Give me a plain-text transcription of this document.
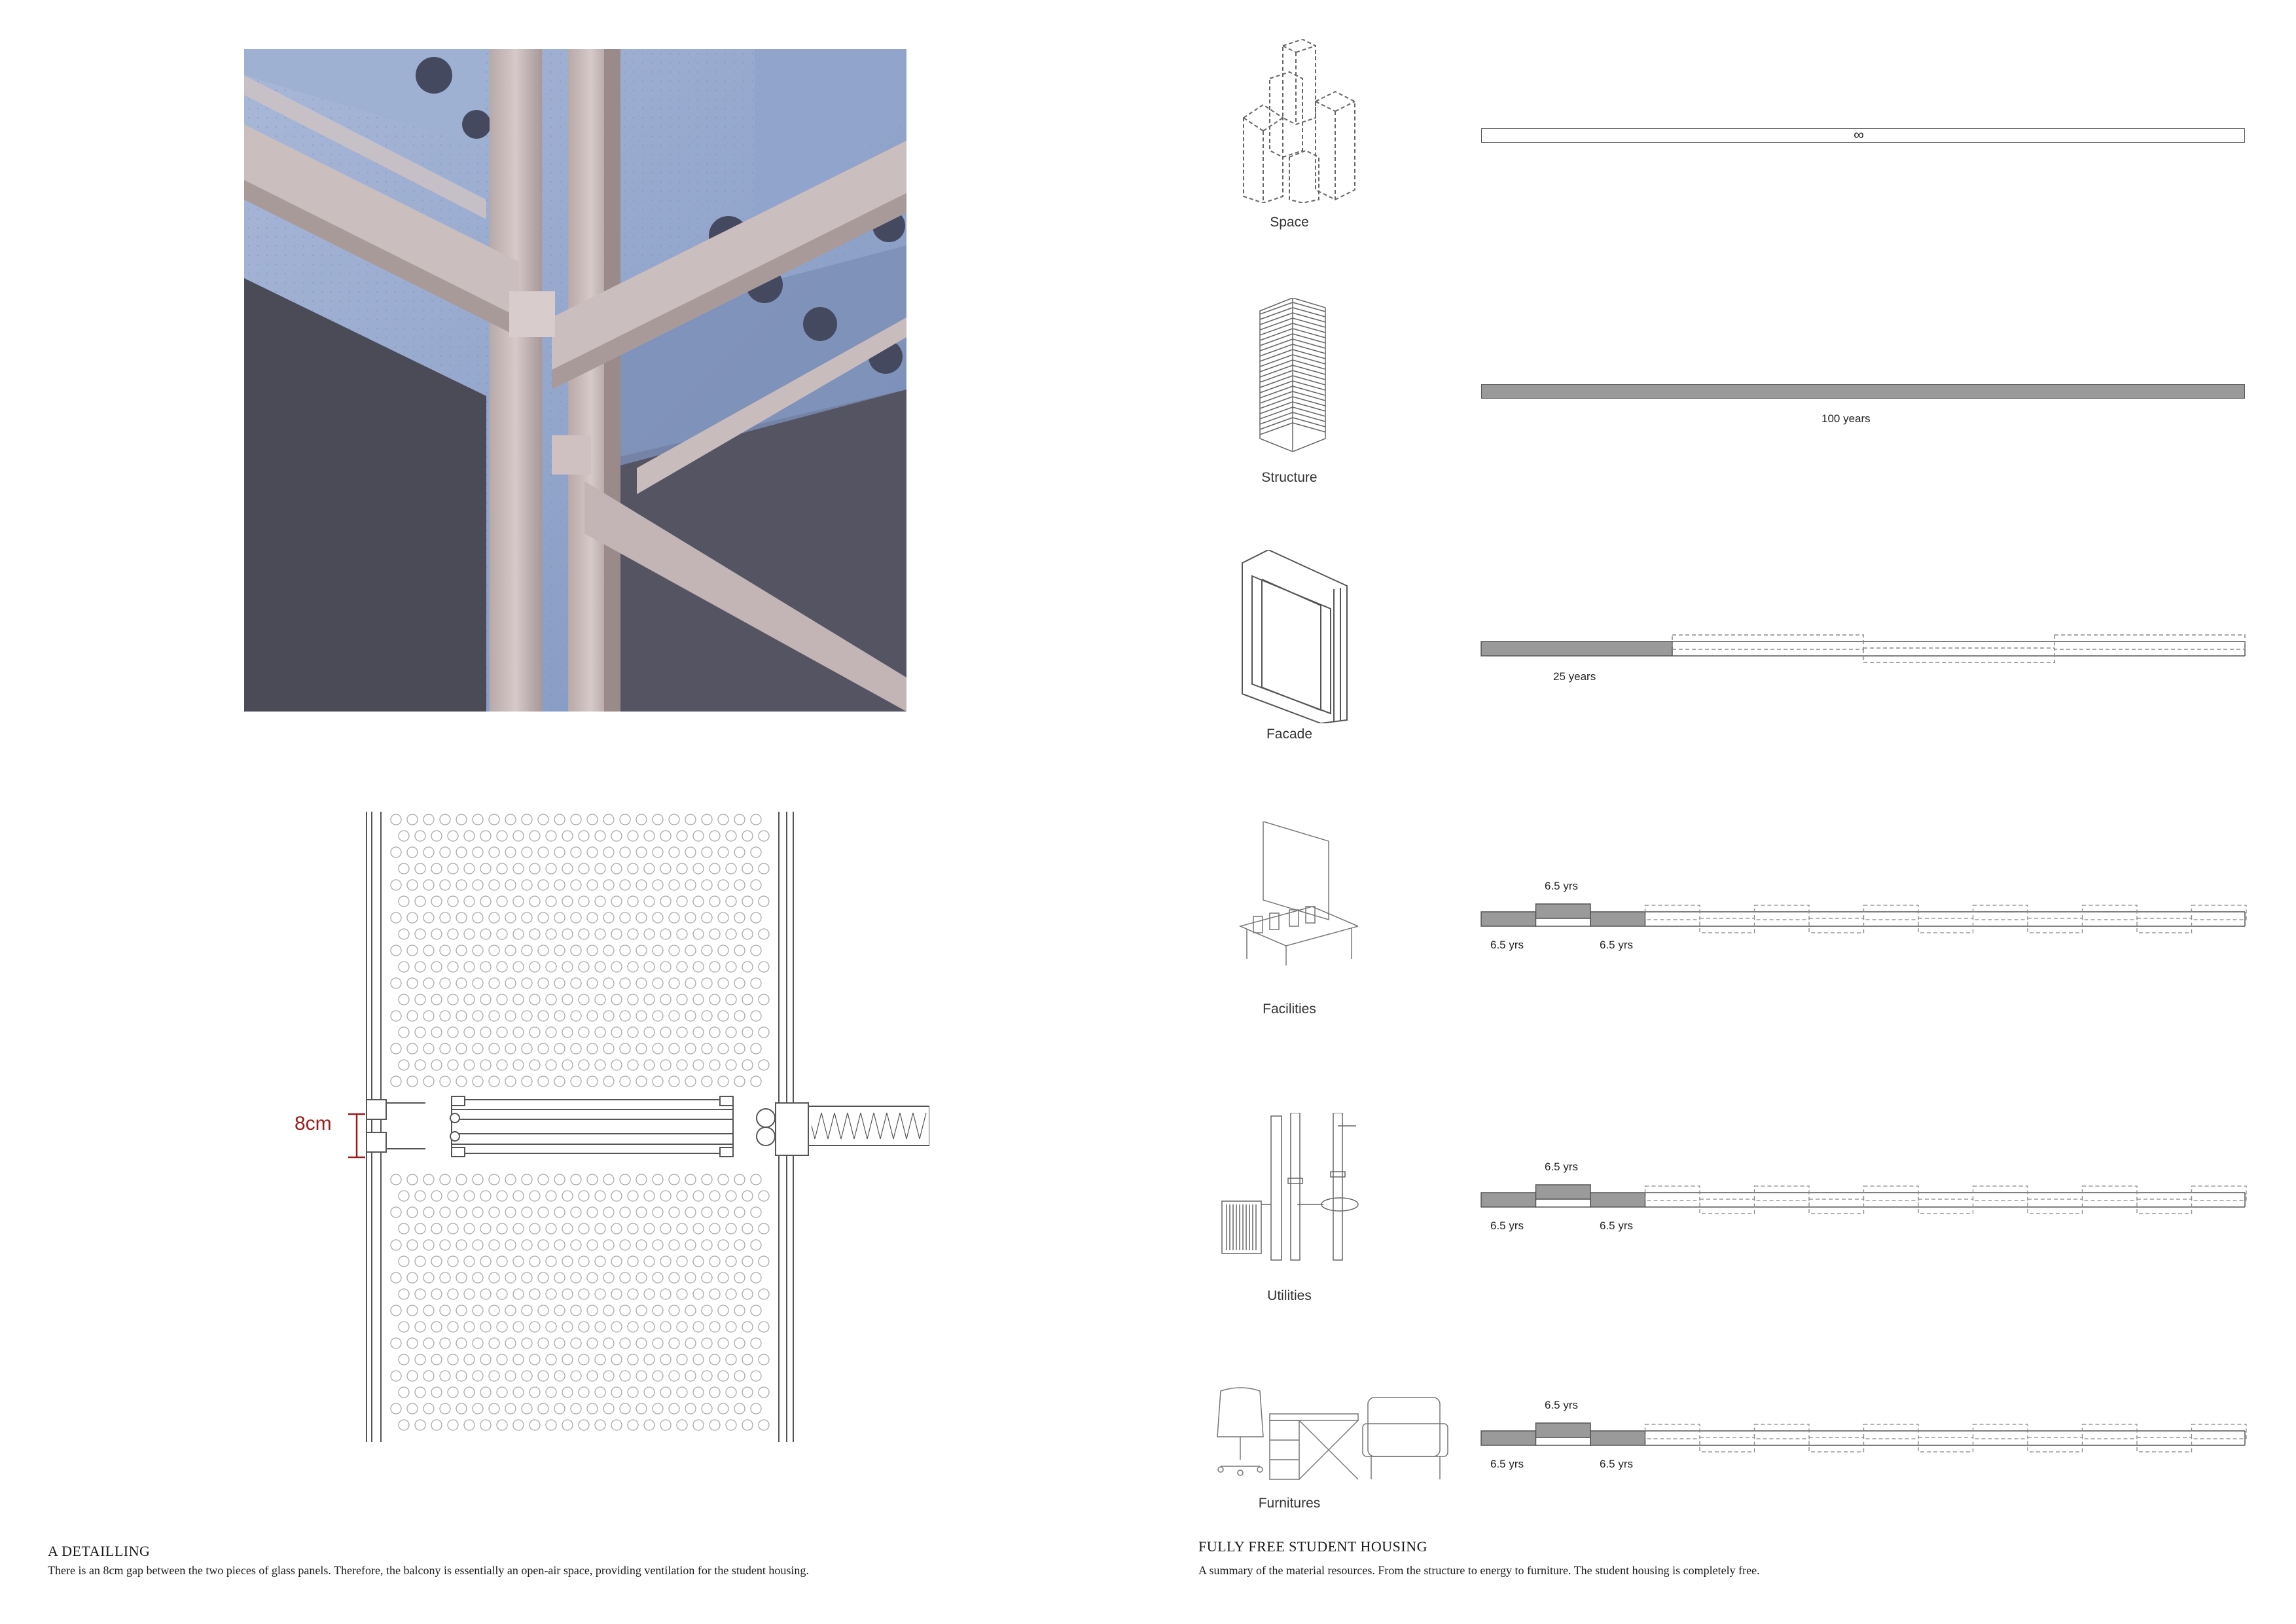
8cm
A DETAILLING
There is an 8cm gap between the two pieces of glass panels. Therefore, the balcony is essentially an open-air space, providing ventilation for the student housing.
Space
∞
Structure
100 years
Facade
25 years
Facilities
6.5 yrs
6.5 yrs	6.5 yrs
Utilities
6.5 yrs
6.5 yrs	6.5 yrs
Furnitures
6.5 yrs
6.5 yrs	6.5 yrs
FULLY FREE STUDENT HOUSING
A summary of the material resources. From the structure to energy to furniture. The student housing is completely free.
